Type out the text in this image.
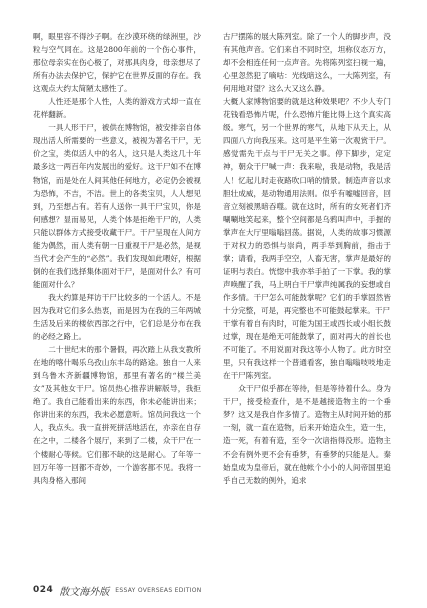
啊，眼里容不得沙子啊。在沙漠环绕的绿洲里，沙粒与空气同在。这是2800年前的一个伤心事件，那位母亲实在伤心极了，对那具肉身，母亲想尽了所有办法去保护它，保护它在世界反面的存在。我这观点大约太简陋太感性了。

人性还是那个人性，人类的游戏方式却一直在花样翻新。

一具人形干尸，被供在博物馆，被安排亲自体现出活人所需要的一些意义，被视为著名干尸，无价之宝，类似活人中的名人，这只是人类这几十年最多这一两百年内发展出的爱好。这干尸如不在博物馆，而是处在人间其他任何地方，必定仍会被视为恐怖，不吉，不洁。世上的各类宝贝，人人想见到，乃至想占有。若有人送你一具干尸宝贝，你是何感想？显而易见，人类个体是拒绝干尸的，人类只能以群体方式接受收藏干尸。干尸呈现在人间方能为偶然，而人类有朝一日重视干尸是必然，是视当代才会产生的“必然”。我们发现如此喂好，根据倒的在我们选择集体面对干尸，是面对什么？有可能面对什么？

我大约算是拜访干尸比较多的一个活人。不是因为我对它们多么热衷，而是因为在我的三年两城生活及后来的楼依西部之行中，它们总是分布在我的必经之路上。

二十世纪末的那个暑假，再次踏上从我支教所在地的喀什喝乐乌孜山东丰岛的路途。独自一人来到乌鲁木齐新疆博物馆，那里有著名的“楼兰美女”及其他女干尸。馆员热心推荐讲解版导，我拒绝了。我自己能看出来的东西，你未必能讲出来；你讲出来的东西，我未必愿意听。馆员问我这一个人，我点头。我一直拼死拼活地活在，亦亲在自存在之中，二楼各个展厅，来到了二楼，众干尸在一个楼耐心等候。它们都不缺的这是耐心。了年等一回万年等一回都不奇妙，一个游客都不见。我将一具肉身格入那间

古尸摆陈的展大陈列室。除了一个人的脚步声，没有其他声音。它们来自不同时空，坦称仪态万方，却不会相连任何一点声音。先将陈列室扫视一遍，心里忽然犯了嘀咕：光线暗这么，一大陈列室，有何用地对望？这么大又这么静。

大概人家博物馆要的就是这种效果吧？不少人专门花钱看恐怖片呢，什么恐怖片能比得上这个真实高级。寒气，另一个世界的寒气，从地下从天上，从四面八方向我压来。这可是平生第一次观赏干尸。感觉需先干点与干尸无关之事。停下脚步，定定神，朝众干尸喊一声：我来啦，我是动物，我是活人！忆起儿时走夜路吹口哨的情景。制造声音以求胆壮成威，是动物通用法则。似乎有嘘嘘回音，回音立刻被黑暗吞噬。就在这时，所有的女死者们齐唰唰地笑起来，整个空间都是乌鸦叫声中，手握的掌声在大厅里嗡嗡回荡。据说，人类的故事习惯源于对权力的恐惧与崇尚，两手举到胸前，指击于掌；请看，我两手空空，人畜无害，掌声是最好的证明与表白。恍惚中我亦举手拍了一下掌。我的掌声唤醒了我，马上明白干尸掌声纯属我的妄想或自作多情。干尸怎么可能鼓掌呢？它们的手掌固然皆十分完整，可是，再完整也不可能鼓起掌来。干尸

干掌有着自有肉时，可能为国王或西长或小组长鼓过掌，现在是绝无可能鼓掌了，面对再大的首长也不可能了。不用说面对我这等小人物了。此方时空里，只有我这样一个普通看客，独自嗡嗡吱吱地走在干尸陈列室。

众干尸似乎都在等待，但是等待着什么。身为干尸，接受检查什，是不是越接造物主的一个垂梦？这又是我自作多情了。造物主从时间开始的那一刻，就一直在造物，后来开始造众生，造一生，造一死，有着有造，至令一次谙指得没形。造物主不会有例外更不会有垂梦，有垂梦的只能是人。秦始皇成为皇帝后，就在他帐个小小的人间帝国里追乎自己无数的例外，追求

024 散文海外版 ESSAY OVERSEAS EDITION
